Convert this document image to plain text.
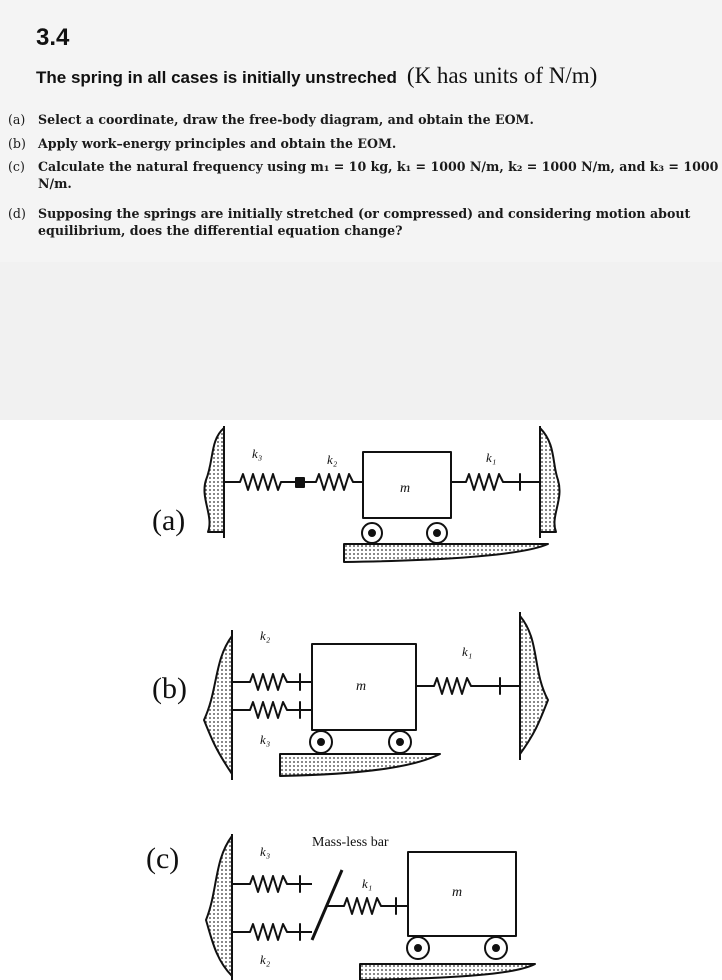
3.4
The spring in all cases is initially unstreched (K has units of N/m)
(a) Select a coordinate, draw the free-body diagram, and obtain the EOM.
(b) Apply work–energy principles and obtain the EOM.
(c) Calculate the natural frequency using m₁ = 10 kg, k₁ = 1000 N/m, k₂ = 1000 N/m, and k₃ = 1000
N/m.
(d) Supposing the springs are initially stretched (or compressed) and considering motion about
equilibrium, does the differential equation change?
(a)
k₃	k₂	k₁
m
(b)
k₂
k₃
k₁
m
(c)	k₃
k₂
k₁
m
Mass-less bar
